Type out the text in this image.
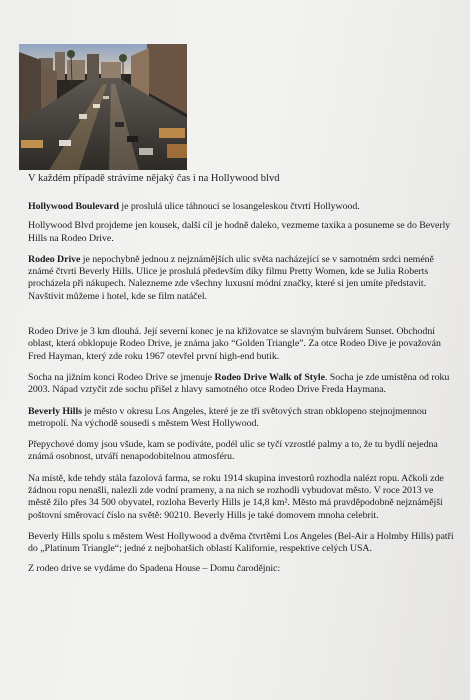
V každém případě strávíme nějaký čas i na Hollywood blvd

Hollywood Boulevard je proslulá ulice táhnoucí se losangeleskou čtvrtí Hollywood.

Hollywood Blvd projdeme jen kousek, další cíl je hodně daleko, vezmeme taxika a posuneme se do Beverly Hills na Rodeo Drive.

Rodeo Drive je nepochybně jednou z nejznámějších ulic světa nacházející se v samotném srdci neméně známé čtvrti Beverly Hills. Ulice je proslulá především díky filmu Pretty Women, kde se Julia Roberts procházela při nákupech. Nalezneme zde všechny luxusní módní značky, které si jen umíte představit. Navštívit můžeme i hotel, kde se film natáčel.

Rodeo Drive je 3 km dlouhá. Její severní konec je na křižovatce se slavným bulvárem Sunset. Obchodní oblast, která obklopuje Rodeo Drive, je známa jako “Golden Triangle”. Za otce Rodeo Dive je považován Fred Hayman, který zde roku 1967 otevřel první high-end butik.

Socha na jižním konci Rodeo Drive se jmenuje Rodeo Drive Walk of Style. Socha je zde umístěna od roku 2003. Nápad vztyčit zde sochu přišel z hlavy samotného otce Rodeo Drive Freda Haymana.

Beverly Hills je město v okresu Los Angeles, které je ze tří světových stran obklopeno stejnojmennou metropolí. Na východě sousedí s městem West Hollywood.

Přepychové domy jsou všude, kam se podíváte, podél ulic se tyčí vzrostlé palmy a to, že tu bydlí nejedna známá osobnost, utváří nenapodobitelnou atmosféru.

Na místě, kde tehdy stála fazolová farma, se roku 1914 skupina investorů rozhodla nalézt ropu. Ačkoli zde žádnou ropu nenašli, nalezli zde vodní prameny, a na nich se rozhodli vybudovat město. V roce 2013 ve městě žilo přes 34 500 obyvatel, rozloha Beverly Hills je 14,8 km². Město má pravděpodobně nejznámější poštovní směrovací číslo na světě: 90210. Beverly Hills je také domovem mnoha celebrit.

Beverly Hills spolu s městem West Hollywood a dvěma čtvrtěmi Los Angeles (Bel-Air a Holmby Hills) patří do „Platinum Triangle“; jedné z nejbohatších oblastí Kalifornie, respektive celých USA.

Z rodeo drive se vydáme do Spadena House – Domu čarodějnic:
